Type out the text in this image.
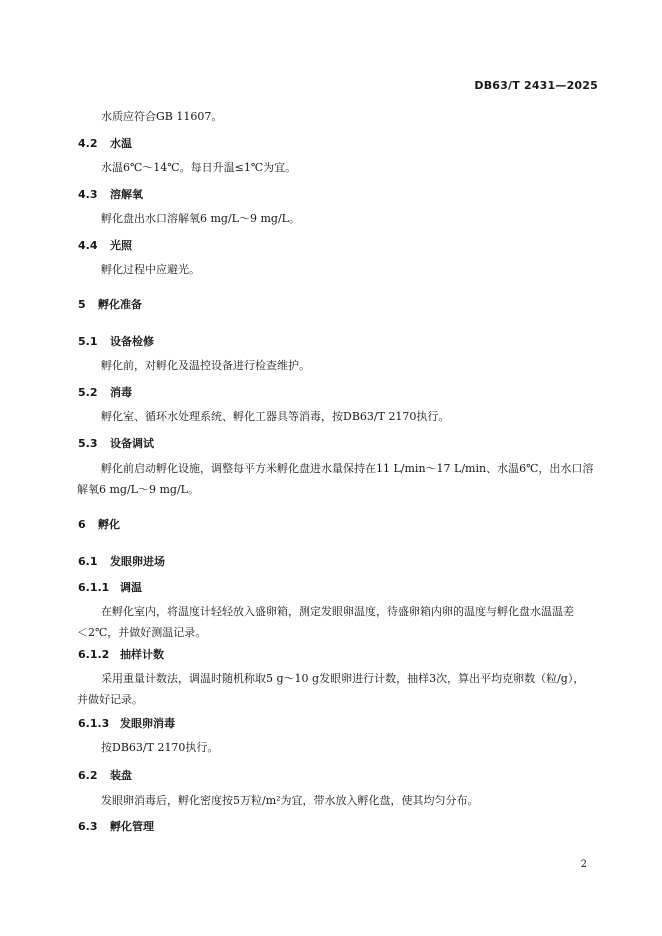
DB63/T 2431—2025
水质应符合GB 11607。
4.2 水温
水温6℃～14℃。每日升温≤1℃为宜。
4.3 溶解氧
孵化盘出水口溶解氧6 mg/L～9 mg/L。
4.4 光照
孵化过程中应避光。
5 孵化准备
5.1 设备检修
孵化前，对孵化及温控设备进行检查维护。
5.2 消毒
孵化室、循环水处理系统、孵化工器具等消毒，按DB63/T 2170执行。
5.3 设备调试
孵化前启动孵化设施，调整每平方米孵化盘进水量保持在11 L/min～17 L/min、水温6℃，出水口溶
解氧6 mg/L～9 mg/L。
6 孵化
6.1 发眼卵进场
6.1.1 调温
在孵化室内，将温度计轻轻放入盛卵箱，测定发眼卵温度，待盛卵箱内卵的温度与孵化盘水温温差
＜2℃，并做好测温记录。
6.1.2 抽样计数
采用重量计数法，调温时随机称取5 g～10 g发眼卵进行计数，抽样3次，算出平均克卵数（粒/g），
并做好记录。
6.1.3 发眼卵消毒
按DB63/T 2170执行。
6.2 装盘
发眼卵消毒后，孵化密度按5万粒/m²为宜，带水放入孵化盘，使其均匀分布。
6.3 孵化管理
2
